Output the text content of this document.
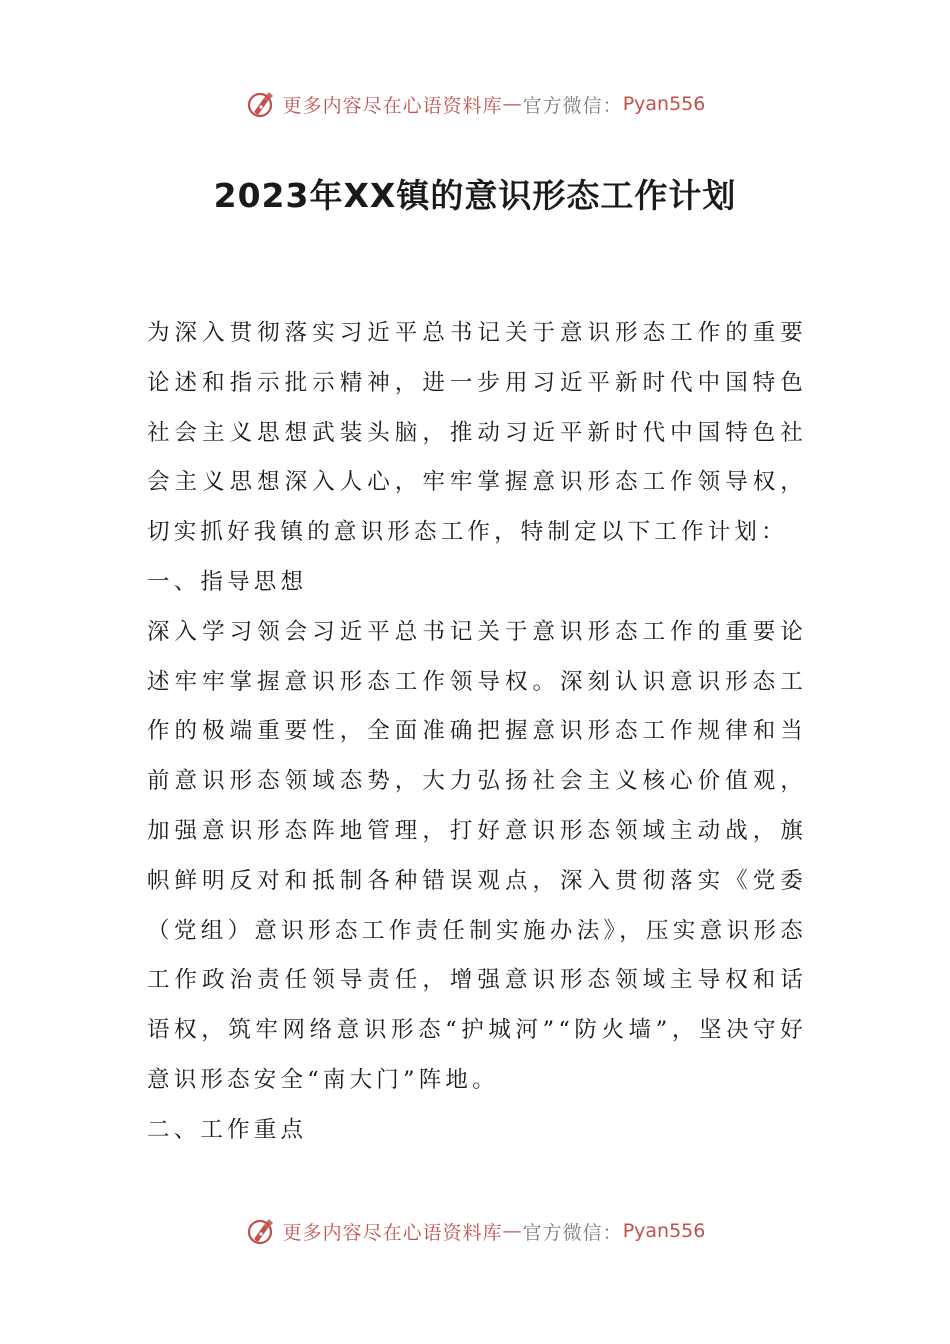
更多内容尽在心语资料库 — 官方微信： Pyan556
2023年XX镇的意识形态工作计划

为深入贯彻落实习近平总书记关于意识形态工作的重要论述和指示批示精神，进一步用习近平新时代中国特色社会主义思想武装头脑，推动习近平新时代中国特色社会主义思想深入人心，牢牢掌握意识形态工作领导权，切实抓好我镇的意识形态工作，特制定以下工作计划：

一、指导思想

深入学习领会习近平总书记关于意识形态工作的重要论述牢牢掌握意识形态工作领导权。深刻认识意识形态工作的极端重要性，全面准确把握意识形态工作规律和当前意识形态领域态势，大力弘扬社会主义核心价值观，加强意识形态阵地管理，打好意识形态领域主动战，旗帜鲜明反对和抵制各种错误观点，深入贯彻落实《党委（党组）意识形态工作责任制实施办法》，压实意识形态工作政治责任领导责任，增强意识形态领域主导权和话语权，筑牢网络意识形态“护城河”“防火墙”，坚决守好意识形态安全“南大门”阵地。

二、工作重点

更多内容尽在心语资料库 — 官方微信： Pyan556
